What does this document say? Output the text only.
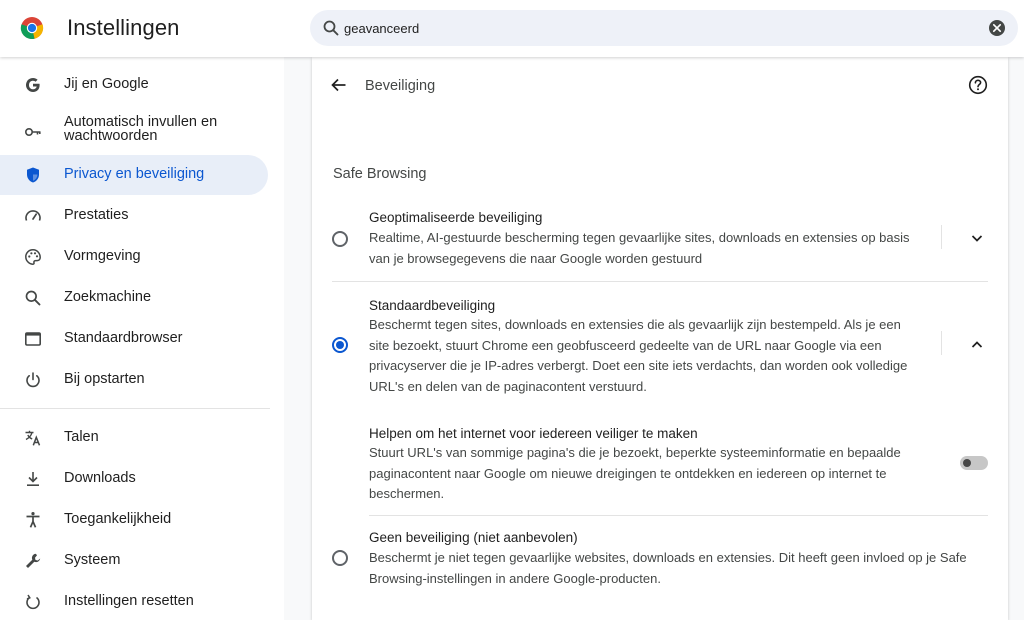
Instellingen
geavanceerd
Jij en Google
Automatisch invullen en wachtwoorden
Privacy en beveiliging
Prestaties
Vormgeving
Zoekmachine
Standaardbrowser
Bij opstarten
Talen
Downloads
Toegankelijkheid
Systeem
Instellingen resetten
Beveiliging
Safe Browsing
Geoptimaliseerde beveiliging
Realtime, AI-gestuurde bescherming tegen gevaarlijke sites, downloads en extensies op basis
van je browsegegevens die naar Google worden gestuurd
Standaardbeveiliging
Beschermt tegen sites, downloads en extensies die als gevaarlijk zijn bestempeld. Als je een
site bezoekt, stuurt Chrome een geobfusceerd gedeelte van de URL naar Google via een
privacyserver die je IP-adres verbergt. Doet een site iets verdachts, dan worden ook volledige
URL's en delen van de paginacontent verstuurd.
Helpen om het internet voor iedereen veiliger te maken
Stuurt URL's van sommige pagina's die je bezoekt, beperkte systeeminformatie en bepaalde
paginacontent naar Google om nieuwe dreigingen te ontdekken en iedereen op internet te
beschermen.
Geen beveiliging (niet aanbevolen)
Beschermt je niet tegen gevaarlijke websites, downloads en extensies. Dit heeft geen invloed op je Safe
Browsing-instellingen in andere Google-producten.
